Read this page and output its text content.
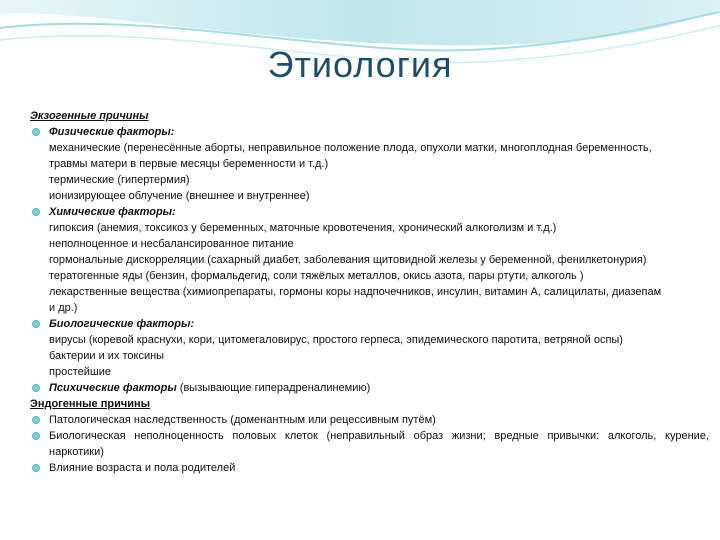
Этиология
Экзогенные причины
Физические факторы:
механические (перенесённые аборты, неправильное положение плода, опухоли матки, многоплодная беременность, травмы матери в первые месяцы беременности и т.д.)
термические (гипертермия)
ионизирующее облучение (внешнее и внутреннее)
Химические факторы:
гипоксия (анемия, токсикоз у беременных, маточные кровотечения, хронический алкоголизм и т.д.)
неполноценное и несбалансированное питание
гормональные дискорреляции (сахарный диабет, заболевания щитовидной железы у беременной, фенилкетонурия)
тератогенные яды (бензин, формальдегид, соли тяжёлых металлов, окись азота, пары ртути, алкоголь )
лекарственные вещества (химиопрепараты, гормоны коры надпочечников, инсулин, витамин А, салицилаты, диазепам и др.)
Биологические факторы:
вирусы (коревой краснухи, кори, цитомегаловирус, простого герпеса, эпидемического паротита, ветряной оспы)
бактерии и их токсины
простейшие
Психические факторы (вызывающие гиперадреналинемию)
Эндогенные причины
Патологическая наследственность (доменантным или рецессивным путём)
Биологическая неполноценность половых клеток (неправильный образ жизни; вредные привычки: алкоголь, курение, наркотики)
Влияние возраста и пола родителей
